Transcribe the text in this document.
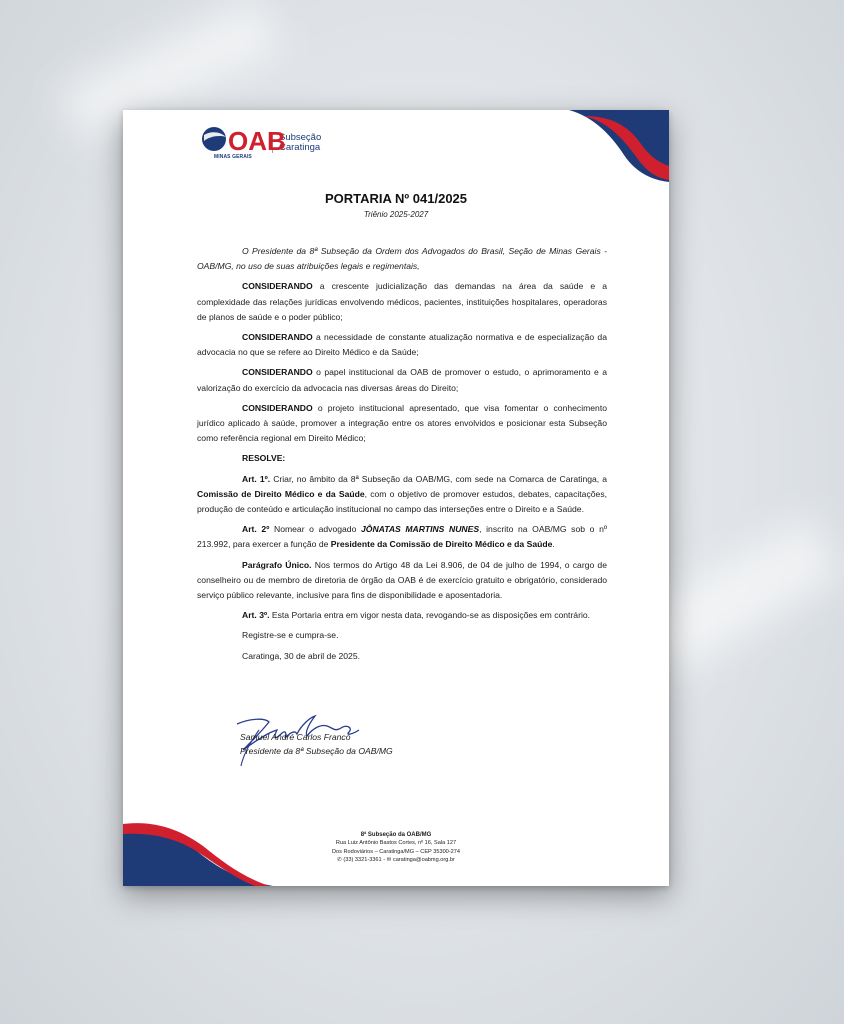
OAB
MINAS GERAIS
Subseção
Caratinga
PORTARIA Nº 041/2025
Triênio 2025-2027

O Presidente da 8ª Subseção da Ordem dos Advogados do Brasil, Seção de Minas Gerais - OAB/MG, no uso de suas atribuições legais e regimentais,

CONSIDERANDO a crescente judicialização das demandas na área da saúde e a complexidade das relações jurídicas envolvendo médicos, pacientes, instituições hospitalares, operadoras de planos de saúde e o poder público;

CONSIDERANDO a necessidade de constante atualização normativa e de especialização da advocacia no que se refere ao Direito Médico e da Saúde;

CONSIDERANDO o papel institucional da OAB de promover o estudo, o aprimoramento e a valorização do exercício da advocacia nas diversas áreas do Direito;

CONSIDERANDO o projeto institucional apresentado, que visa fomentar o conhecimento jurídico aplicado à saúde, promover a integração entre os atores envolvidos e posicionar esta Subseção como referência regional em Direito Médico;

RESOLVE:

Art. 1º. Criar, no âmbito da 8ª Subseção da OAB/MG, com sede na Comarca de Caratinga, a Comissão de Direito Médico e da Saúde, com o objetivo de promover estudos, debates, capacitações, produção de conteúdo e articulação institucional no campo das interseções entre o Direito e a Saúde.

Art. 2º Nomear o advogado JÔNATAS MARTINS NUNES, inscrito na OAB/MG sob o nº 213.992, para exercer a função de Presidente da Comissão de Direito Médico e da Saúde.

Parágrafo Único. Nos termos do Artigo 48 da Lei 8.906, de 04 de julho de 1994, o cargo de conselheiro ou de membro de diretoria de órgão da OAB é de exercício gratuito e obrigatório, considerado serviço público relevante, inclusive para fins de disponibilidade e aposentadoria.

Art. 3º. Esta Portaria entra em vigor nesta data, revogando-se as disposições em contrário.

Registre-se e cumpra-se.

Caratinga, 30 de abril de 2025.

Samuel André Carlos Franco
Presidente da 8ª Subseção da OAB/MG
8ª Subseção da OAB/MG
Rua Luiz Antônio Bastos Cortes, nº 16, Sala 127
Dos Rodoviários – Caratinga/MG – CEP 35300-274
✆ (33) 3321-3361 - ✉ caratinga@oabmg.org.br
